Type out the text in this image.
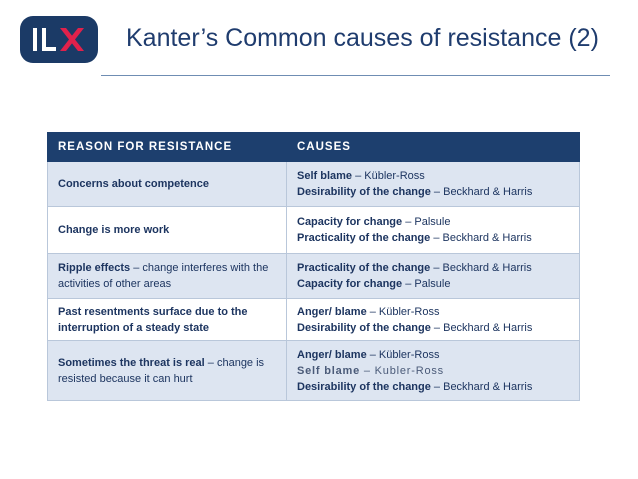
Kanter’s Common causes of resistance (2)
REASON FOR RESISTANCE	CAUSES
Concerns about competence	Self blame – Kübler-Ross
Desirability of the change – Beckhard & Harris

Change is more work	Capacity for change – Palsule
Practicality of the change – Beckhard & Harris

Ripple effects – change interferes with the activities of other areas	Practicality of the change – Beckhard & Harris
Capacity for change – Palsule

Past resentments surface due to the interruption of a steady state	Anger/ blame – Kübler-Ross
Desirability of the change – Beckhard & Harris

Sometimes the threat is real – change is resisted because it can hurt	Anger/ blame – Kübler-Ross
Self blame – Kubler-Ross
Desirability of the change – Beckhard & Harris
